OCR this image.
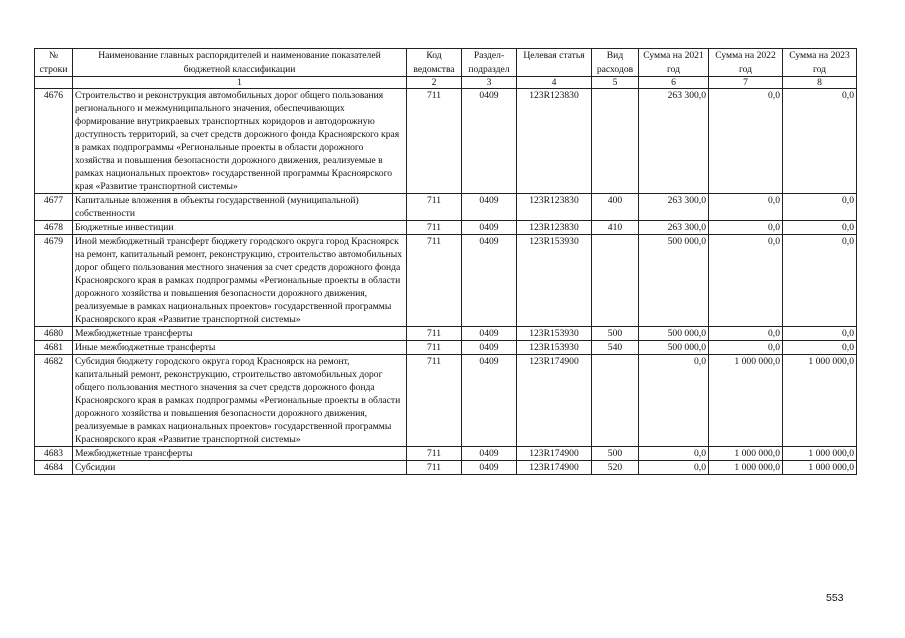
№ строки	Наименование главных распорядителей и наименование показателей бюджетной классификации	Код ведомства	Раздел-подраздел	Целевая статья	Вид расходов	Сумма на 2021 год	Сумма на 2022 год	Сумма на 2023 год
	1	2	3	4	5	6	7	8
4676	Строительство и реконструкция автомобильных дорог общего пользования регионального и межмуниципального значения, обеспечивающих формирование внутрикраевых транспортных коридоров и автодорожную доступность территорий, за счет средств дорожного фонда Красноярского края в рамках подпрограммы «Региональные проекты в области дорожного хозяйства и повышения безопасности дорожного движения, реализуемые в рамках национальных проектов» государственной программы Красноярского края «Развитие транспортной системы»	711	0409	123R123830		263 300,0	0,0	0,0
4677	Капитальные вложения в объекты государственной (муниципальной) собственности	711	0409	123R123830	400	263 300,0	0,0	0,0
4678	Бюджетные инвестиции	711	0409	123R123830	410	263 300,0	0,0	0,0
4679	Иной межбюджетный трансферт бюджету городского округа город Красноярск на ремонт, капитальный ремонт, реконструкцию, строительство автомобильных дорог общего пользования местного значения за счет средств дорожного фонда Красноярского края в рамках подпрограммы «Региональные проекты в области дорожного хозяйства и повышения безопасности дорожного движения, реализуемые в рамках национальных проектов» государственной программы Красноярского края «Развитие транспортной системы»	711	0409	123R153930		500 000,0	0,0	0,0
4680	Межбюджетные трансферты	711	0409	123R153930	500	500 000,0	0,0	0,0
4681	Иные межбюджетные трансферты	711	0409	123R153930	540	500 000,0	0,0	0,0
4682	Субсидия бюджету городского округа город Красноярск на ремонт, капитальный ремонт, реконструкцию, строительство автомобильных дорог общего пользования местного значения за счет средств дорожного фонда Красноярского края в рамках подпрограммы «Региональные проекты в области дорожного хозяйства и повышения безопасности дорожного движения, реализуемые в рамках национальных проектов» государственной программы Красноярского края «Развитие транспортной системы»	711	0409	123R174900		0,0	1 000 000,0	1 000 000,0
4683	Межбюджетные трансферты	711	0409	123R174900	500	0,0	1 000 000,0	1 000 000,0
4684	Субсидии	711	0409	123R174900	520	0,0	1 000 000,0	1 000 000,0
553
